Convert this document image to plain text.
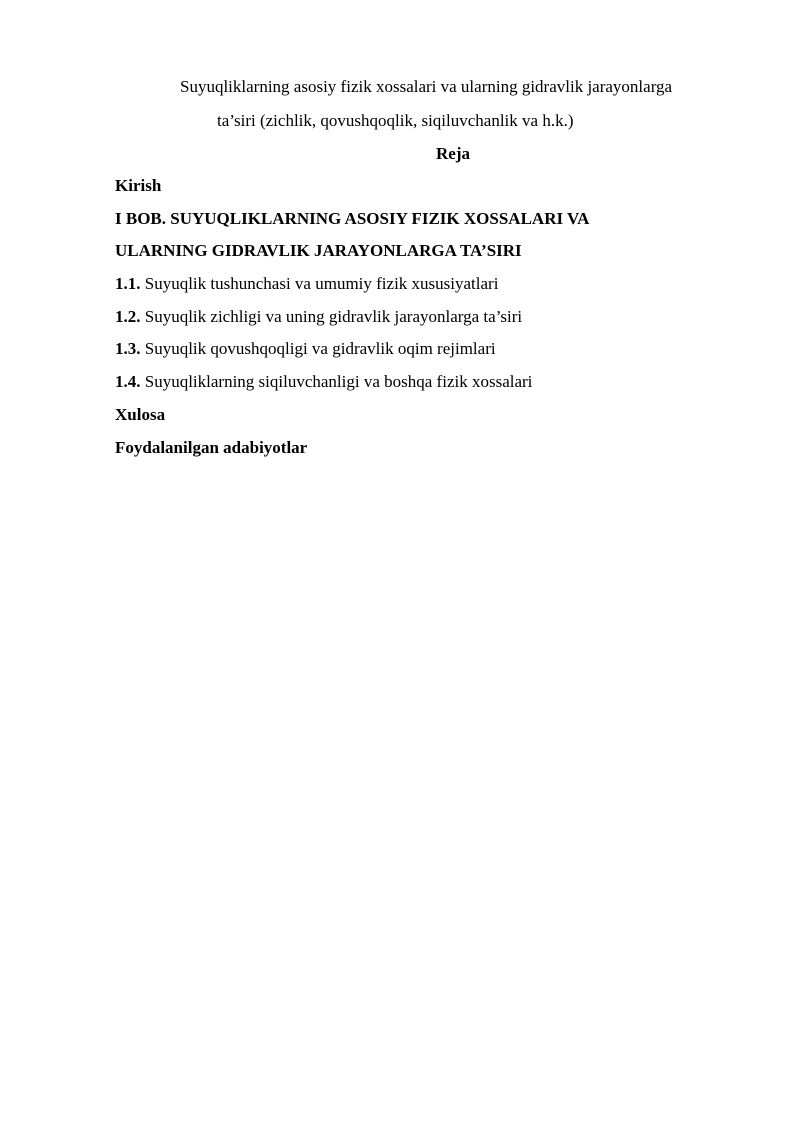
Suyuqliklarning asosiy fizik xossalari va ularning gidravlik jarayonlarga
ta’siri (zichlik, qovushqoqlik, siqiluvchanlik va h.k.)
Reja
Kirish
I BOB. SUYUQLIKLARNING ASOSIY FIZIK XOSSALARI VA
ULARNING GIDRAVLIK JARAYONLARGA TA’SIRI
1.1. Suyuqlik tushunchasi va umumiy fizik xususiyatlari
1.2. Suyuqlik zichligi va uning gidravlik jarayonlarga ta’siri
1.3. Suyuqlik qovushqoqligi va gidravlik oqim rejimlari
1.4. Suyuqliklarning siqiluvchanligi va boshqa fizik xossalari
Xulosa
Foydalanilgan adabiyotlar
